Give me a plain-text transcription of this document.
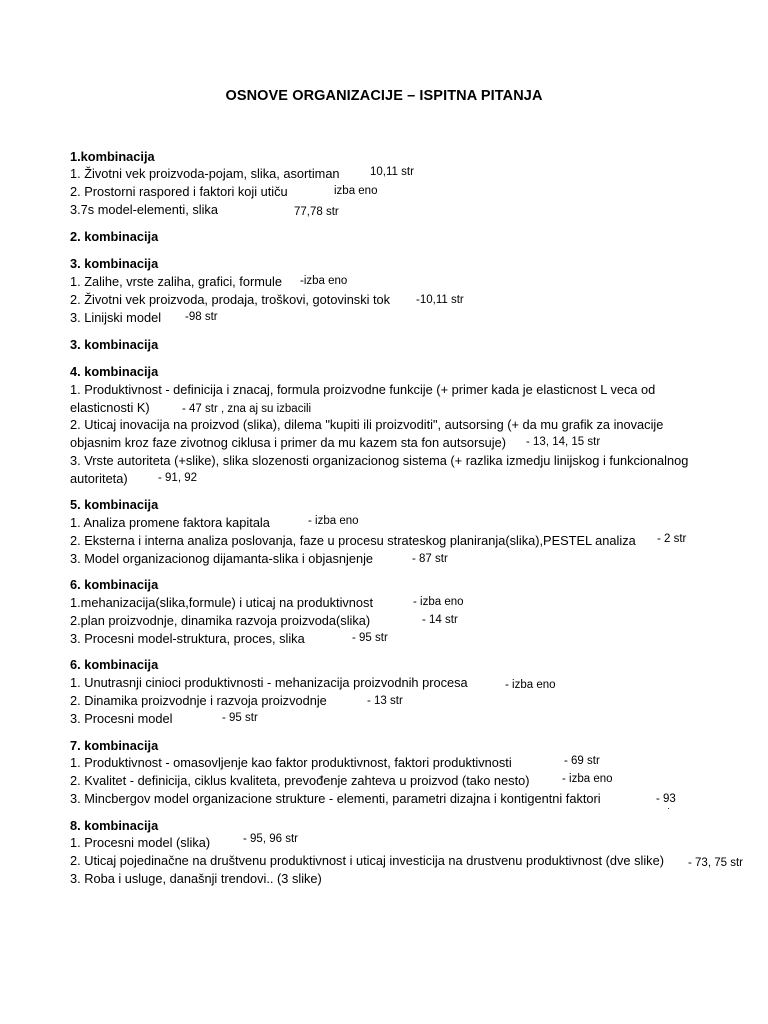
OSNOVE ORGANIZACIJE – ISPITNA PITANJA
1.kombinacija
1. Životni vek proizvoda-pojam, slika, asortiman
2. Prostorni raspored i faktori koji utiču
3.7s model-elementi, slika
2. kombinacija
3. kombinacija
1. Zalihe, vrste zaliha, grafici, formule
2. Životni vek proizvoda, prodaja, troškovi, gotovinski tok
3. Linijski model
3. kombinacija
4. kombinacija
1. Produktivnost - definicija i znacaj, formula proizvodne funkcije (+ primer kada je elasticnost L veca od
elasticnosti K)
2. Uticaj inovacija na proizvod (slika), dilema "kupiti ili proizvoditi", autsorsing (+ da mu grafik za inovacije
objasnim kroz faze zivotnog ciklusa i primer da mu kazem sta fon autsorsuje)
3. Vrste autoriteta (+slike), slika slozenosti organizacionog sistema (+ razlika izmedju linijskog i funkcionalnog
autoriteta)
5. kombinacija
1. Analiza promene faktora kapitala
2. Eksterna i interna analiza poslovanja, faze u procesu strateskog planiranja(slika),PESTEL analiza
3. Model organizacionog dijamanta-slika i objasnjenje
6. kombinacija
1.mehanizacija(slika,formule) i uticaj na produktivnost
2.plan proizvodnje, dinamika razvoja proizvoda(slika)
3. Procesni model-struktura, proces, slika
6. kombinacija
1. Unutrasnji cinioci produktivnosti - mehanizacija proizvodnih procesa
2. Dinamika proizvodnje i razvoja proizvodnje
3. Procesni model
7. kombinacija
1. Produktivnost - omasovljenje kao faktor produktivnost, faktori produktivnosti
2. Kvalitet - definicija, ciklus kvaliteta, prevođenje zahteva u proizvod (tako nesto)
3. Mincbergov model organizacione strukture - elementi, parametri dizajna i kontigentni faktori
8. kombinacija
1. Procesni model (slika)
2. Uticaj pojedinačne na društvenu produktivnost i uticaj investicija na drustvenu produktivnost (dve slike)
3. Roba i usluge, današnji trendovi.. (3 slike)
10,11 str
izba eno
77,78 str
-izba eno
-10,11 str
-98 str
- 47 str , zna aj su izbacili
- 13, 14, 15 str
- 91, 92
- izba eno
- 2 str
- 87 str
- izba eno
- 14 str
- 95 str
- izba eno
- 13 str
- 95 str
- 69 str
- izba eno
- 93
- 95, 96 str
- 73, 75 str
·
